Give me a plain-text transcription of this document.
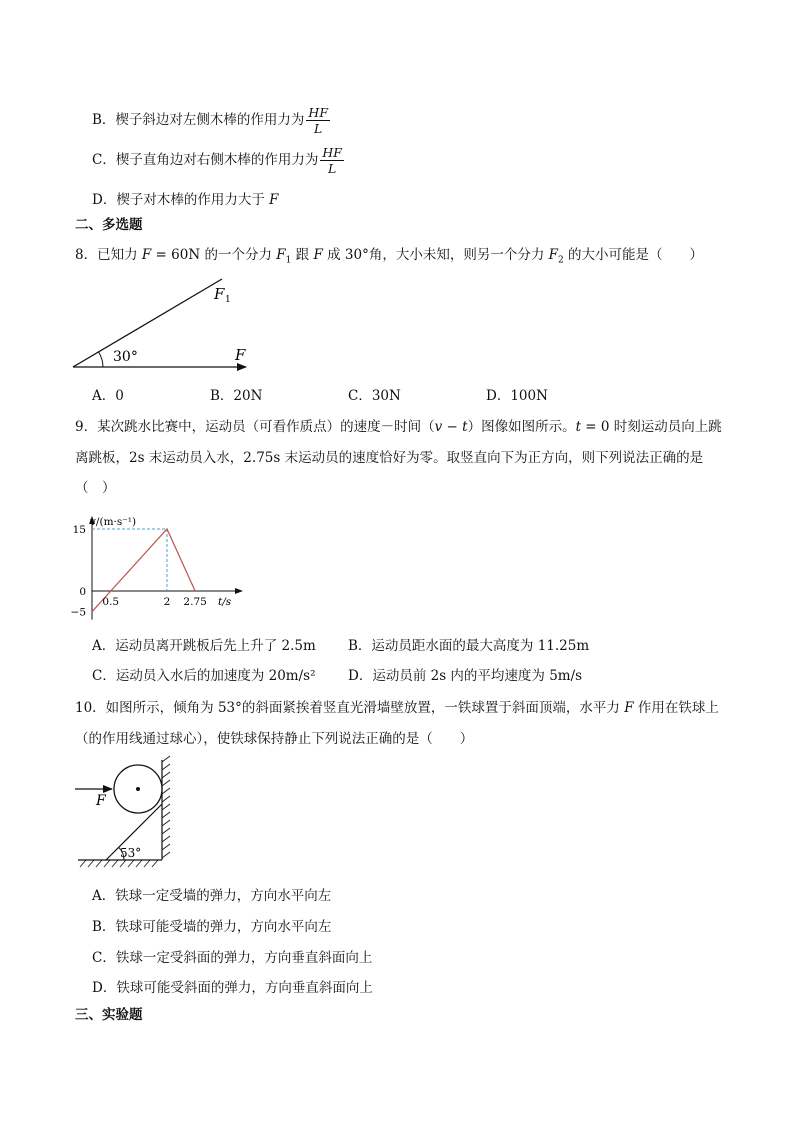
B．楔子斜边对左侧木棒的作用力为 $\frac{HF}{L}$
C．楔子直角边对右侧木棒的作用力为 $\frac{HF}{L}$
D．楔子对木棒的作用力大于 F
二、多选题
8．已知力 F = 60N 的一个分力 $F_1$ 跟 F 成 30°角，大小未知，则另一个分力 $F_2$ 的大小可能是（　　）
30°
F 1
F
A．0	B．20N	C．30N	D．100N
9．某次跳水比赛中，运动员（可看作质点）的速度－时间（v − t）图像如图所示。t = 0 时刻运动员向上跳
离跳板，2s 末运动员入水，2.75s 末运动员的速度恰好为零。取竖直向下为正方向，则下列说法正确的是
（　）
v/(m·s⁻¹)
t/s
0.5	2 2.75
15
0
−5
A．运动员离开跳板后先上升了 2.5m B．运动员距水面的最大高度为 11.25m
C．运动员入水后的加速度为 20m/s² D．运动员前 2s 内的平均速度为 5m/s
10．如图所示，倾角为 53°的斜面紧挨着竖直光滑墙壁放置，一铁球置于斜面顶端，水平力 F 作用在铁球上
（的作用线通过球心），使铁球保持静止下列说法正确的是（　　）
53°
F
A．铁球一定受墙的弹力，方向水平向左
B．铁球可能受墙的弹力，方向水平向左
C．铁球一定受斜面的弹力，方向垂直斜面向上
D．铁球可能受斜面的弹力，方向垂直斜面向上
三、实验题
